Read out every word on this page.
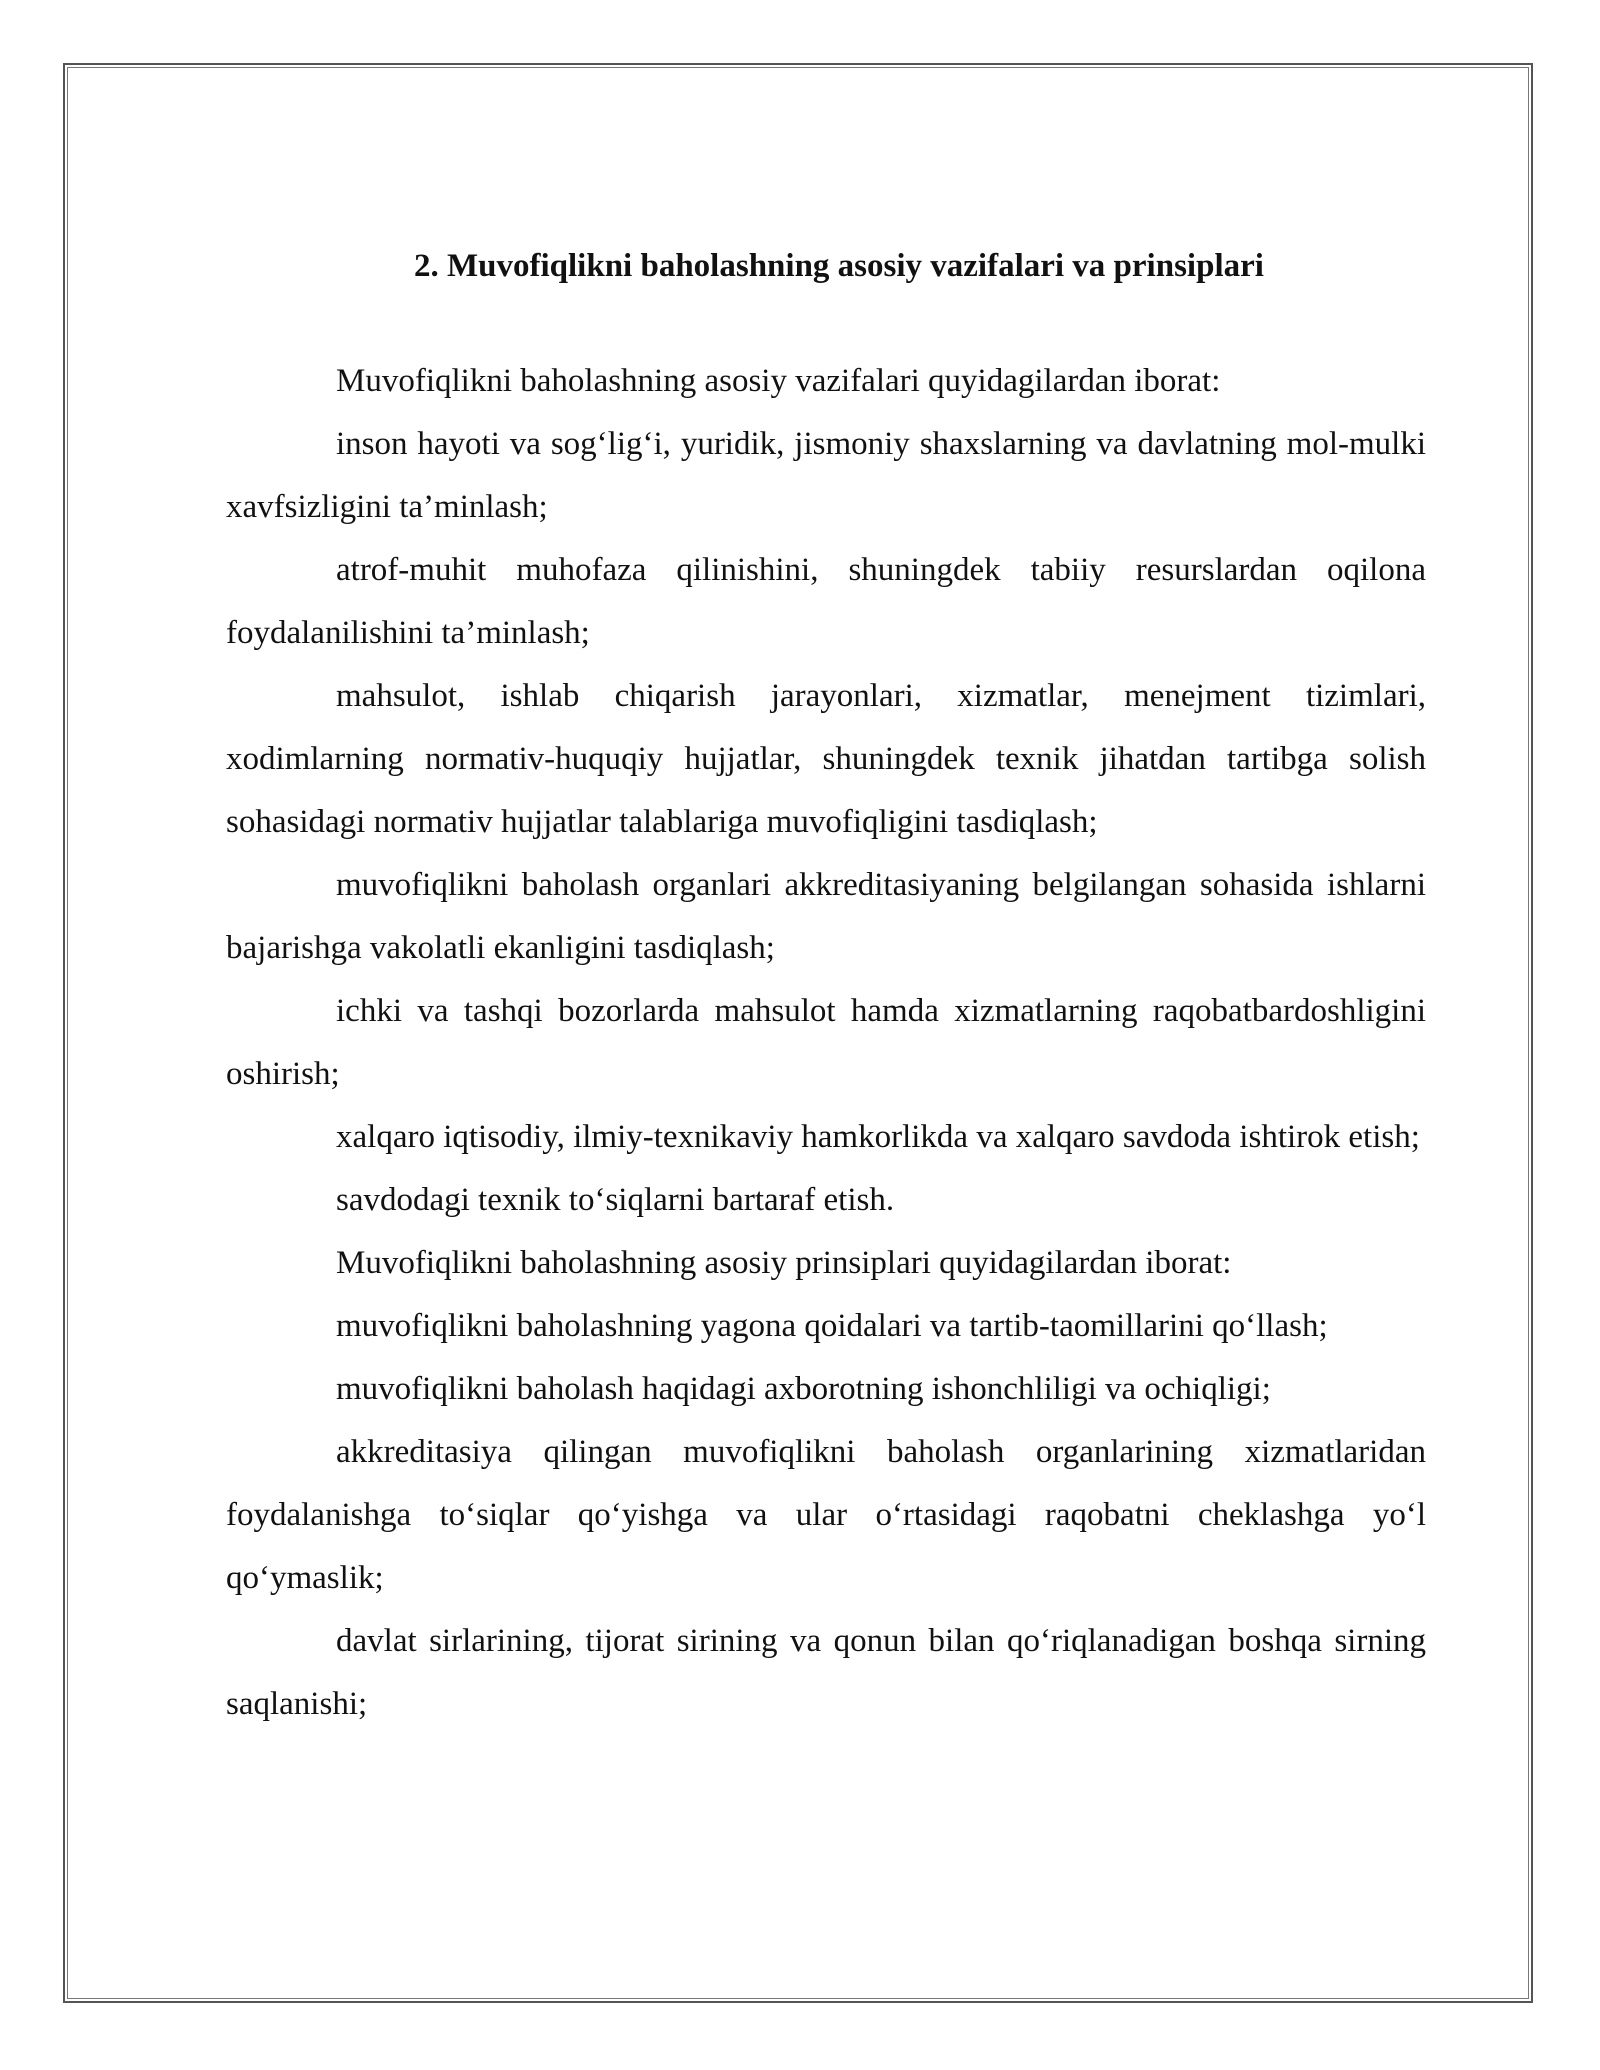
2. Muvofiqlikni baholashning asosiy vazifalari va prinsiplari

Muvofiqlikni baholashning asosiy vazifalari quyidagilardan iborat:

inson hayoti va sog‘lig‘i, yuridik, jismoniy shaxslarning va davlatning mol-mulki xavfsizligini ta’minlash;

atrof-muhit muhofaza qilinishini, shuningdek tabiiy resurslardan oqilona foydalanilishini ta’minlash;

mahsulot, ishlab chiqarish jarayonlari, xizmatlar, menejment tizimlari, xodimlarning normativ-huquqiy hujjatlar, shuningdek texnik jihatdan tartibga solish sohasidagi normativ hujjatlar talablariga muvofiqligini tasdiqlash;

muvofiqlikni baholash organlari akkreditasiyaning belgilangan sohasida ishlarni bajarishga vakolatli ekanligini tasdiqlash;

ichki va tashqi bozorlarda mahsulot hamda xizmatlarning raqobatbardoshligini oshirish;

xalqaro iqtisodiy, ilmiy-texnikaviy hamkorlikda va xalqaro savdoda ishtirok etish;

savdodagi texnik to‘siqlarni bartaraf etish.

Muvofiqlikni baholashning asosiy prinsiplari quyidagilardan iborat:

muvofiqlikni baholashning yagona qoidalari va tartib-taomillarini qo‘llash;

muvofiqlikni baholash haqidagi axborotning ishonchliligi va ochiqligi;

akkreditasiya qilingan muvofiqlikni baholash organlarining xizmatlaridan foydalanishga to‘siqlar qo‘yishga va ular o‘rtasidagi raqobatni cheklashga yo‘l qo‘ymaslik;

davlat sirlarining, tijorat sirining va qonun bilan qo‘riqlanadigan boshqa sirning saqlanishi;
